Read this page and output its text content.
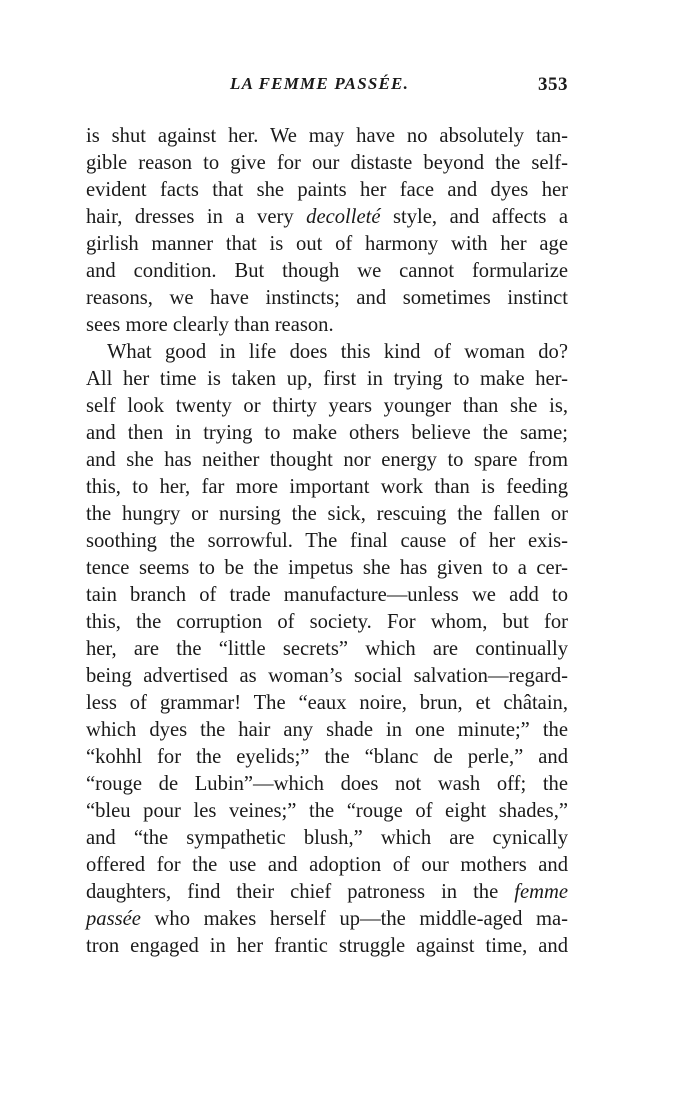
LA FEMME PASSÉE.	353
is shut against her. We may have no absolutely tan-
gible reason to give for our distaste beyond the self-
evident facts that she paints her face and dyes her
hair, dresses in a very decolleté style, and affects a
girlish manner that is out of harmony with her age
and condition. But though we cannot formularize
reasons, we have instincts; and sometimes instinct
sees more clearly than reason.
What good in life does this kind of woman do?
All her time is taken up, first in trying to make her-
self look twenty or thirty years younger than she is,
and then in trying to make others believe the same;
and she has neither thought nor energy to spare from
this, to her, far more important work than is feeding
the hungry or nursing the sick, rescuing the fallen or
soothing the sorrowful. The final cause of her exis-
tence seems to be the impetus she has given to a cer-
tain branch of trade manufacture—unless we add to
this, the corruption of society. For whom, but for
her, are the “little secrets” which are continually
being advertised as woman’s social salvation—regard-
less of grammar! The “eaux noire, brun, et châtain,
which dyes the hair any shade in one minute;” the
“kohhl for the eyelids;” the “blanc de perle,” and
“rouge de Lubin”—which does not wash off; the
“bleu pour les veines;” the “rouge of eight shades,”
and “the sympathetic blush,” which are cynically
offered for the use and adoption of our mothers and
daughters, find their chief patroness in the femme
passée who makes herself up—the middle-aged ma-
tron engaged in her frantic struggle against time, and
